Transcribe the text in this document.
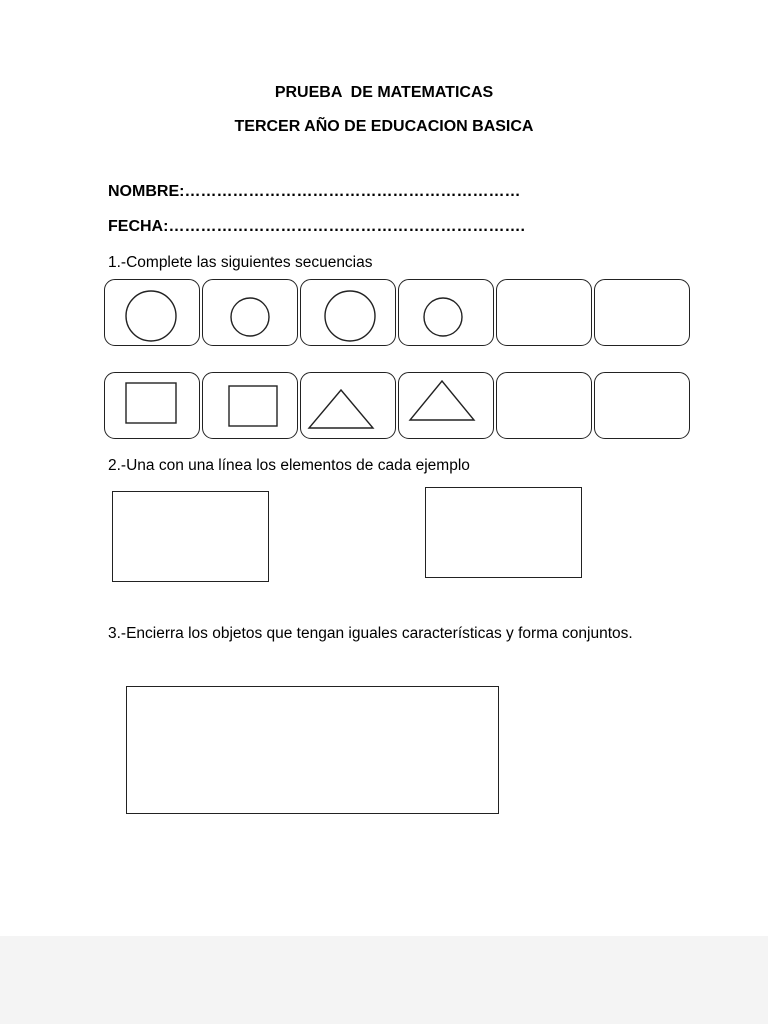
PRUEBA  DE MATEMATICAS
TERCER AÑO DE EDUCACION BASICA
NOMBRE:………………………………………………………
FECHA:………………………………………………………….
1.-Complete las siguientes secuencias
2.-Una con una línea los elementos de cada ejemplo
3.-Encierra los objetos que tengan iguales características y forma conjuntos.
